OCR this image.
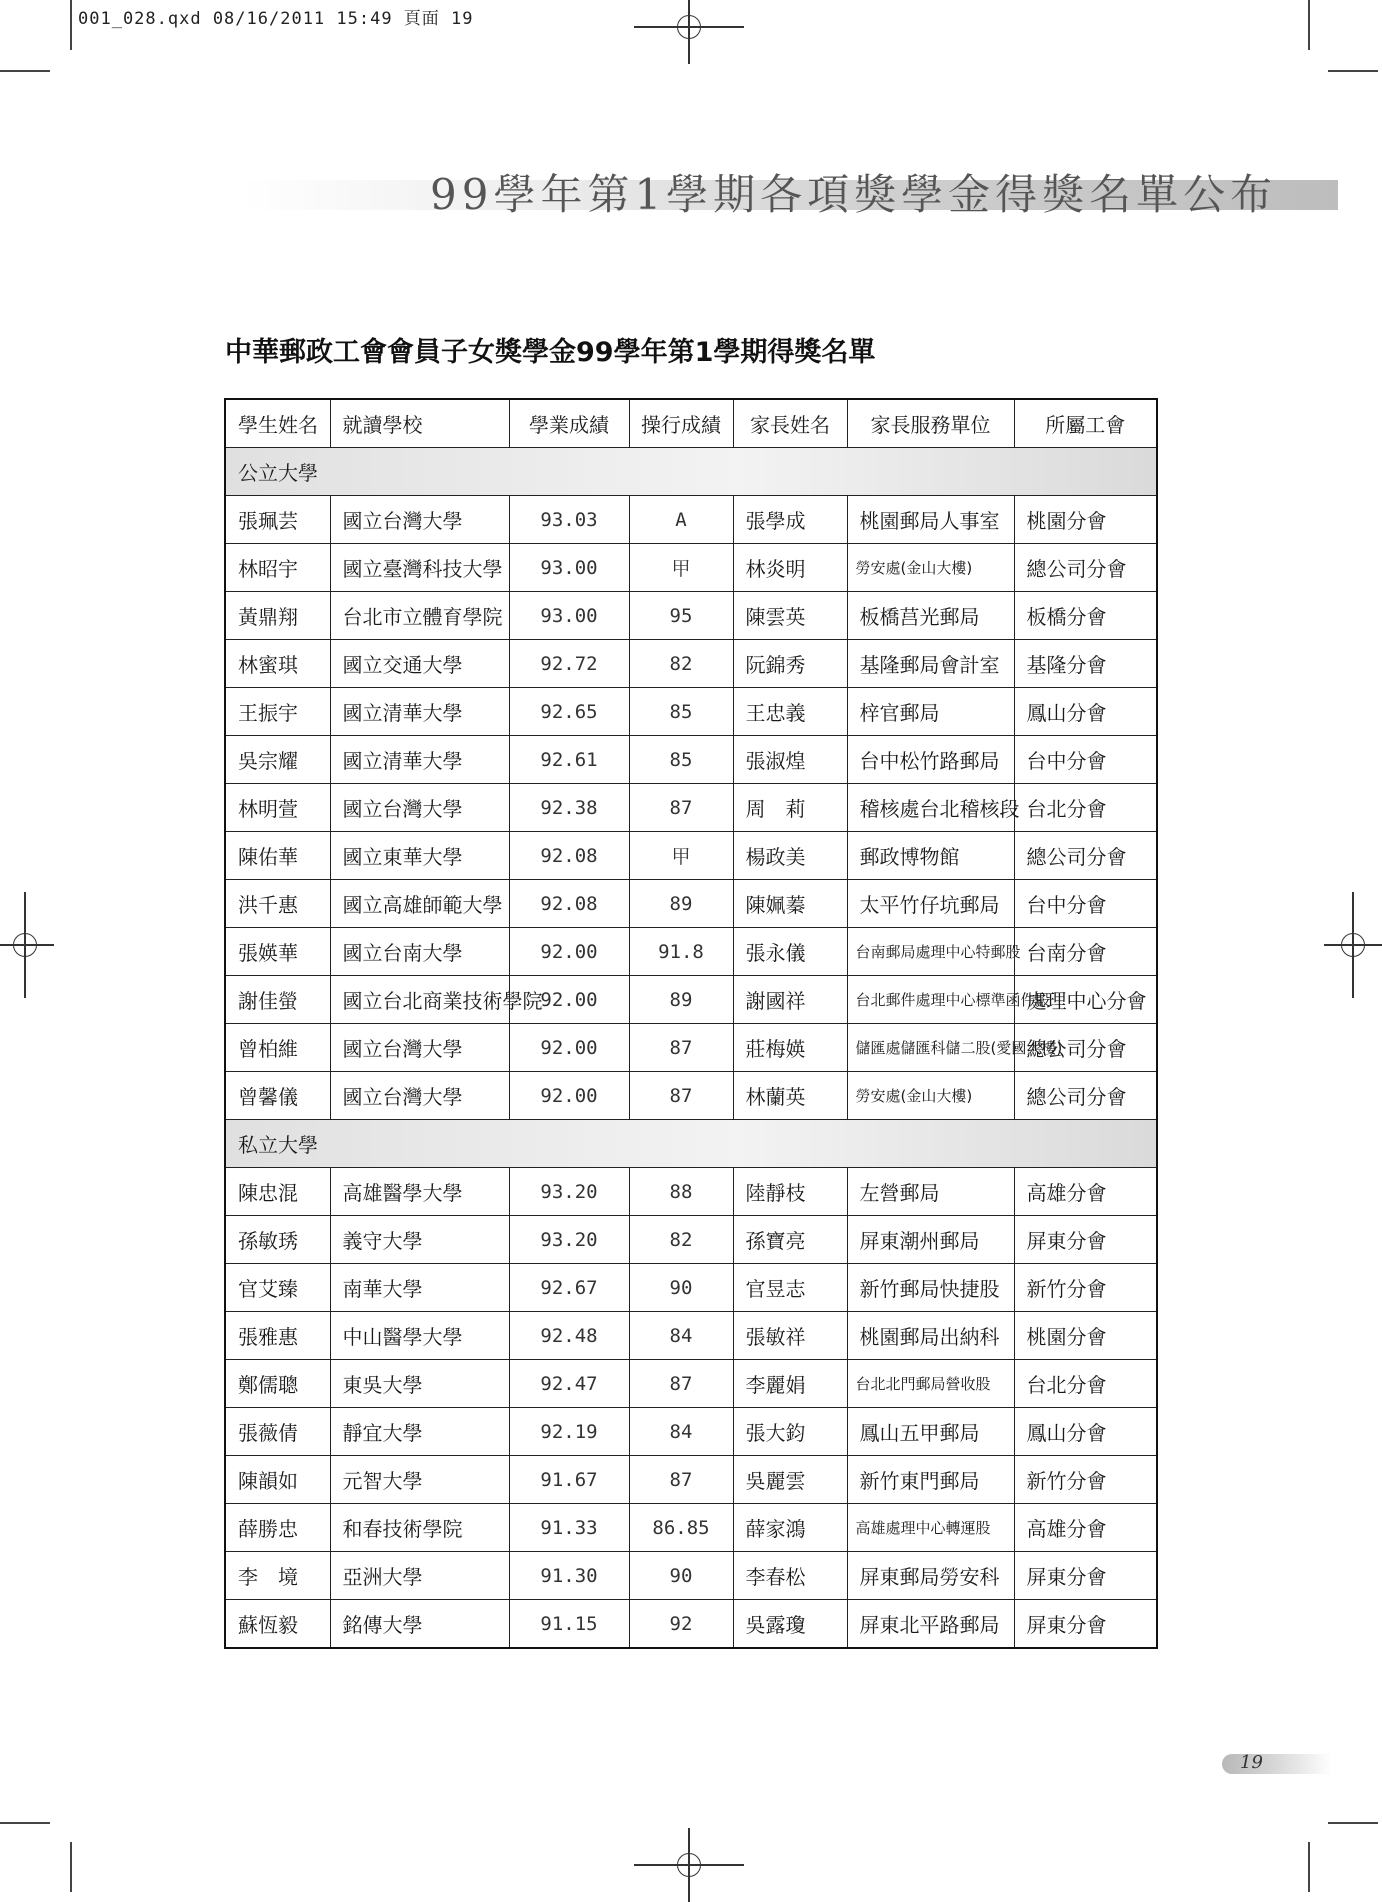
001_028.qxd 08/16/2011 15:49 頁面 19
99學年第1學期各項獎學金得獎名單公布
中華郵政工會會員子女獎學金99學年第1學期得獎名單
學生姓名	就讀學校	學業成績	操行成績	家長姓名	家長服務單位	所屬工會
公立大學						
張珮芸	國立台灣大學	93.03	A	張學成	桃園郵局人事室	桃園分會
林昭宇	國立臺灣科技大學	93.00	甲	林炎明	勞安處(金山大樓)	總公司分會
黃鼎翔	台北市立體育學院	93.00	95	陳雲英	板橋莒光郵局	板橋分會
林蜜琪	國立交通大學	92.72	82	阮錦秀	基隆郵局會計室	基隆分會
王振宇	國立清華大學	92.65	85	王忠義	梓官郵局	鳳山分會
吳宗耀	國立清華大學	92.61	85	張淑煌	台中松竹路郵局	台中分會
林明萱	國立台灣大學	92.38	87	周　莉	稽核處台北稽核段	台北分會
陳佑華	國立東華大學	92.08	甲	楊政美	郵政博物館	總公司分會
洪千惠	國立高雄師範大學	92.08	89	陳姵蓁	太平竹仔坑郵局	台中分會
張媖華	國立台南大學	92.00	91.8	張永儀	台南郵局處理中心特郵股	台南分會
謝佳螢	國立台北商業技術學院	92.00	89	謝國祥	台北郵件處理中心標準函件股	處理中心分會
曾柏維	國立台灣大學	92.00	87	莊梅媖	儲匯處儲匯科儲二股(愛國大樓)	總公司分會
曾馨儀	國立台灣大學	92.00	87	林蘭英	勞安處(金山大樓)	總公司分會
私立大學						
陳忠混	高雄醫學大學	93.20	88	陸靜枝	左營郵局	高雄分會
孫敏琇	義守大學	93.20	82	孫寶亮	屏東潮州郵局	屏東分會
官艾臻	南華大學	92.67	90	官昱志	新竹郵局快捷股	新竹分會
張雅惠	中山醫學大學	92.48	84	張敏祥	桃園郵局出納科	桃園分會
鄭儒聰	東吳大學	92.47	87	李麗娟	台北北門郵局營收股	台北分會
張薇倩	靜宜大學	92.19	84	張大鈞	鳳山五甲郵局	鳳山分會
陳韻如	元智大學	91.67	87	吳麗雲	新竹東門郵局	新竹分會
薛勝忠	和春技術學院	91.33	86.85	薛家鴻	高雄處理中心轉運股	高雄分會
李　境	亞洲大學	91.30	90	李春松	屏東郵局勞安科	屏東分會
蘇恆毅	銘傳大學	91.15	92	吳露瓊	屏東北平路郵局	屏東分會
19
